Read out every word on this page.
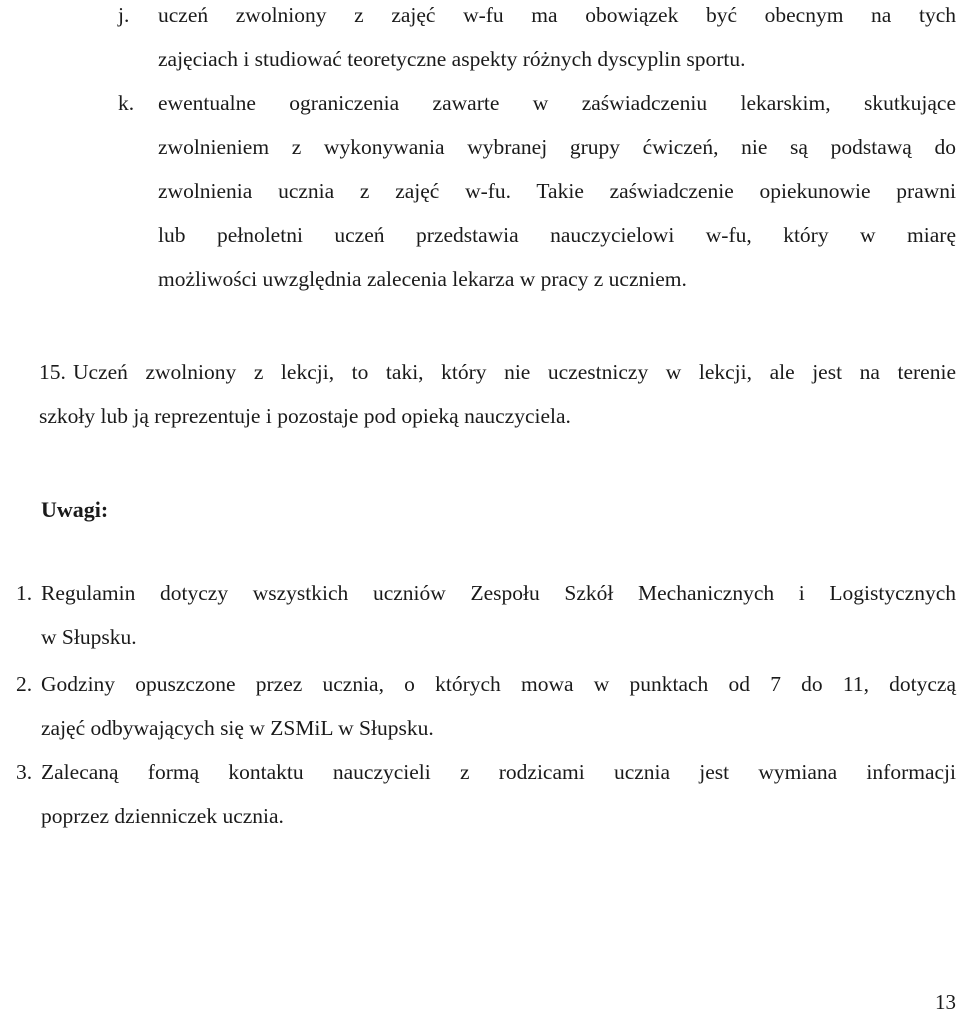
j.	uczeń zwolniony z zajęć w-fu ma obowiązek być obecnym na tych
zajęciach i studiować teoretyczne aspekty różnych dyscyplin sportu.
k.	ewentualne ograniczenia zawarte w zaświadczeniu lekarskim, skutkujące
zwolnieniem z wykonywania wybranej grupy ćwiczeń, nie są podstawą do
zwolnienia ucznia z zajęć w-fu. Takie zaświadczenie opiekunowie prawni
lub pełnoletni uczeń przedstawia nauczycielowi w-fu, który w miarę
możliwości uwzględnia zalecenia lekarza w pracy z uczniem.
15. Uczeń zwolniony z lekcji, to taki, który nie uczestniczy w lekcji, ale jest na terenie
szkoły lub ją reprezentuje i pozostaje pod opieką nauczyciela.
Uwagi:
1. Regulamin dotyczy wszystkich uczniów Zespołu Szkół Mechanicznych i Logistycznych
w Słupsku.
2. Godziny opuszczone przez ucznia, o których mowa w punktach od 7 do 11, dotyczą
zajęć odbywających się w ZSMiL w Słupsku.
3. Zalecaną formą kontaktu nauczycieli z rodzicami ucznia jest wymiana informacji
poprzez dzienniczek ucznia.
13
